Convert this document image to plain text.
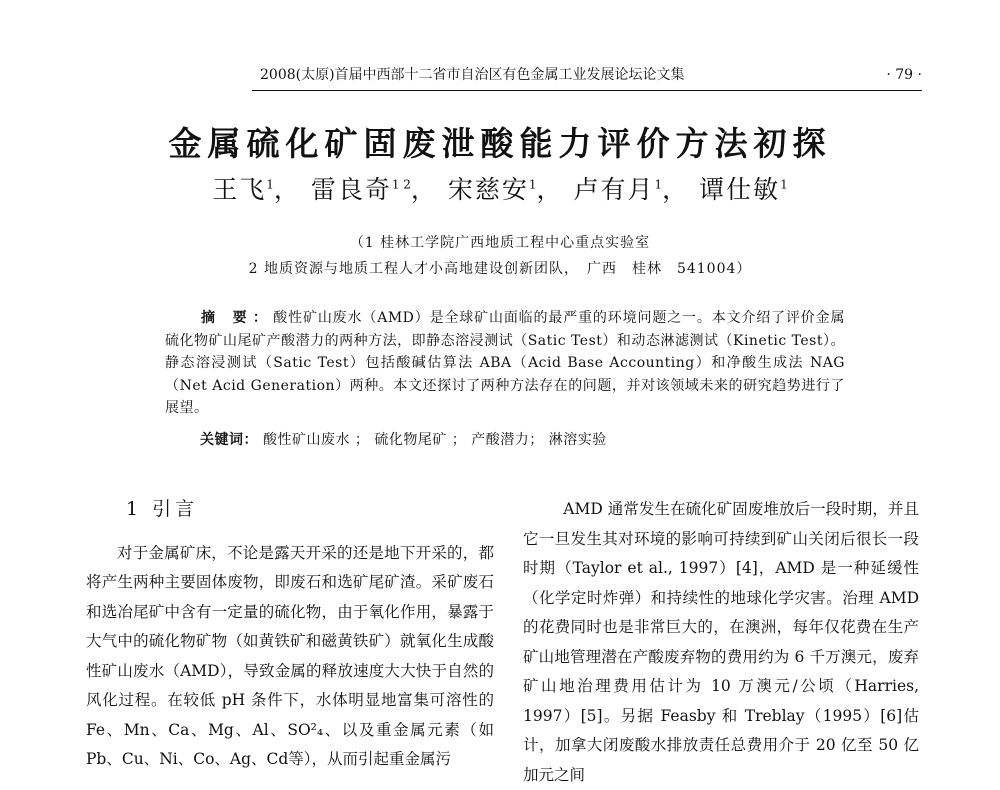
2008(太原)首届中西部十二省市自治区有色金属工业发展论坛论文集	· 79 ·
金属硫化矿固废泄酸能力评价方法初探
王飞$^1$， 雷良奇$^{1 2}$， 宋慈安$^1$， 卢有月$^1$， 谭仕敏$^1$
（1 桂林工学院广西地质工程中心重点实验室
2 地质资源与地质工程人才小高地建设创新团队，　广西　桂林　541004）
摘 要：酸性矿山废水（AMD）是全球矿山面临的最严重的环境问题之一。本文介绍了评价金属硫化物矿山尾矿产酸潜力的两种方法，即静态溶浸测试（Satic Test）和动态淋滤测试（Kinetic Test）。静态溶浸测试（Satic Test）包括酸碱估算法 ABA（Acid Base Accounting）和净酸生成法 NAG（Net Acid Generation）两种。本文还探讨了两种方法存在的问题，并对该领域未来的研究趋势进行了展望。
关键词： 酸性矿山废水 ； 硫化物尾矿 ； 产酸潜力； 淋溶实验
1 引言

对于金属矿床，不论是露天开采的还是地下开采的，都将产生两种主要固体废物，即废石和选矿尾矿渣。采矿废石和选冶尾矿中含有一定量的硫化物，由于氧化作用，暴露于大气中的硫化物矿物（如黄铁矿和磁黄铁矿）就氧化生成酸性矿山废水（AMD），导致金属的释放速度大大快于自然的风化过程。在较低 pH 条件下，水体明显地富集可溶性的 Fe、Mn、Ca、Mg、Al、SO²₄、以及重金属元素（如 Pb、Cu、Ni、Co、Ag、Cd等），从而引起重金属污

AMD 通常发生在硫化矿固废堆放后一段时期，并且它一旦发生其对环境的影响可持续到矿山关闭后很长一段时期（Taylor et al., 1997）[4]，AMD 是一种延缓性（化学定时炸弹）和持续性的地球化学灾害。治理 AMD 的花费同时也是非常巨大的，在澳洲，每年仅花费在生产矿山地管理潜在产酸废弃物的费用约为 6 千万澳元，废弃矿山地治理费用估计为 10 万澳元/公顷（Harries, 1997）[5]。另据 Feasby 和 Treblay（1995）[6]估计，加拿大闭废酸水排放责任总费用介于 20 亿至 50 亿加元之间
